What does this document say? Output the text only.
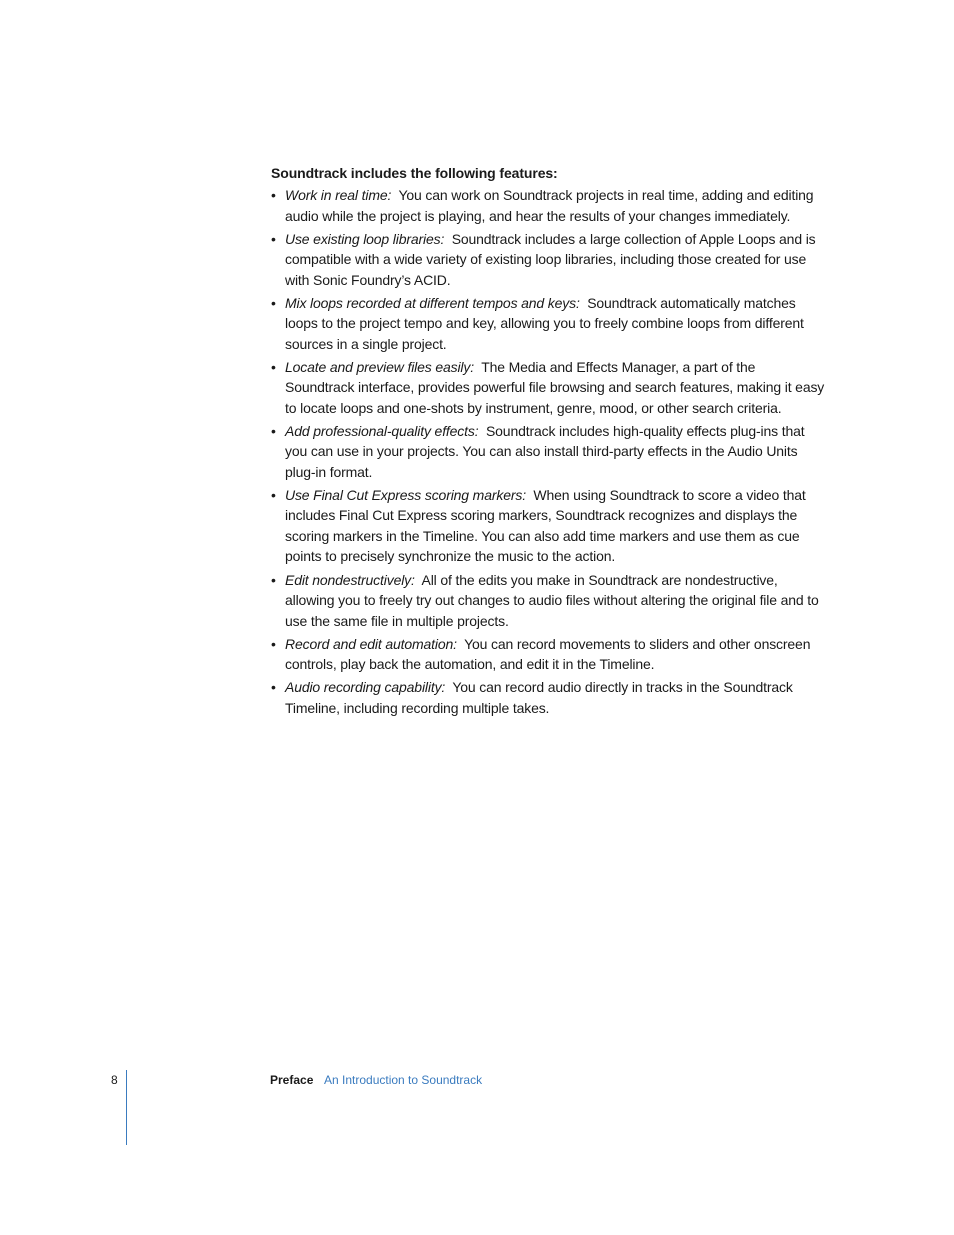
Soundtrack includes the following features:
• Work in real time: You can work on Soundtrack projects in real time, adding and editing audio while the project is playing, and hear the results of your changes immediately.
• Use existing loop libraries: Soundtrack includes a large collection of Apple Loops and is compatible with a wide variety of existing loop libraries, including those created for use with Sonic Foundry’s ACID.
• Mix loops recorded at different tempos and keys: Soundtrack automatically matches loops to the project tempo and key, allowing you to freely combine loops from different sources in a single project.
• Locate and preview files easily: The Media and Effects Manager, a part of the Soundtrack interface, provides powerful file browsing and search features, making it easy to locate loops and one-shots by instrument, genre, mood, or other search criteria.
• Add professional-quality effects: Soundtrack includes high-quality effects plug-ins that you can use in your projects. You can also install third-party effects in the Audio Units plug-in format.
• Use Final Cut Express scoring markers: When using Soundtrack to score a video that includes Final Cut Express scoring markers, Soundtrack recognizes and displays the scoring markers in the Timeline. You can also add time markers and use them as cue points to precisely synchronize the music to the action.
• Edit nondestructively: All of the edits you make in Soundtrack are nondestructive, allowing you to freely try out changes to audio files without altering the original file and to use the same file in multiple projects.
• Record and edit automation: You can record movements to sliders and other onscreen controls, play back the automation, and edit it in the Timeline.
• Audio recording capability: You can record audio directly in tracks in the Soundtrack Timeline, including recording multiple takes.
8	Preface An Introduction to Soundtrack
